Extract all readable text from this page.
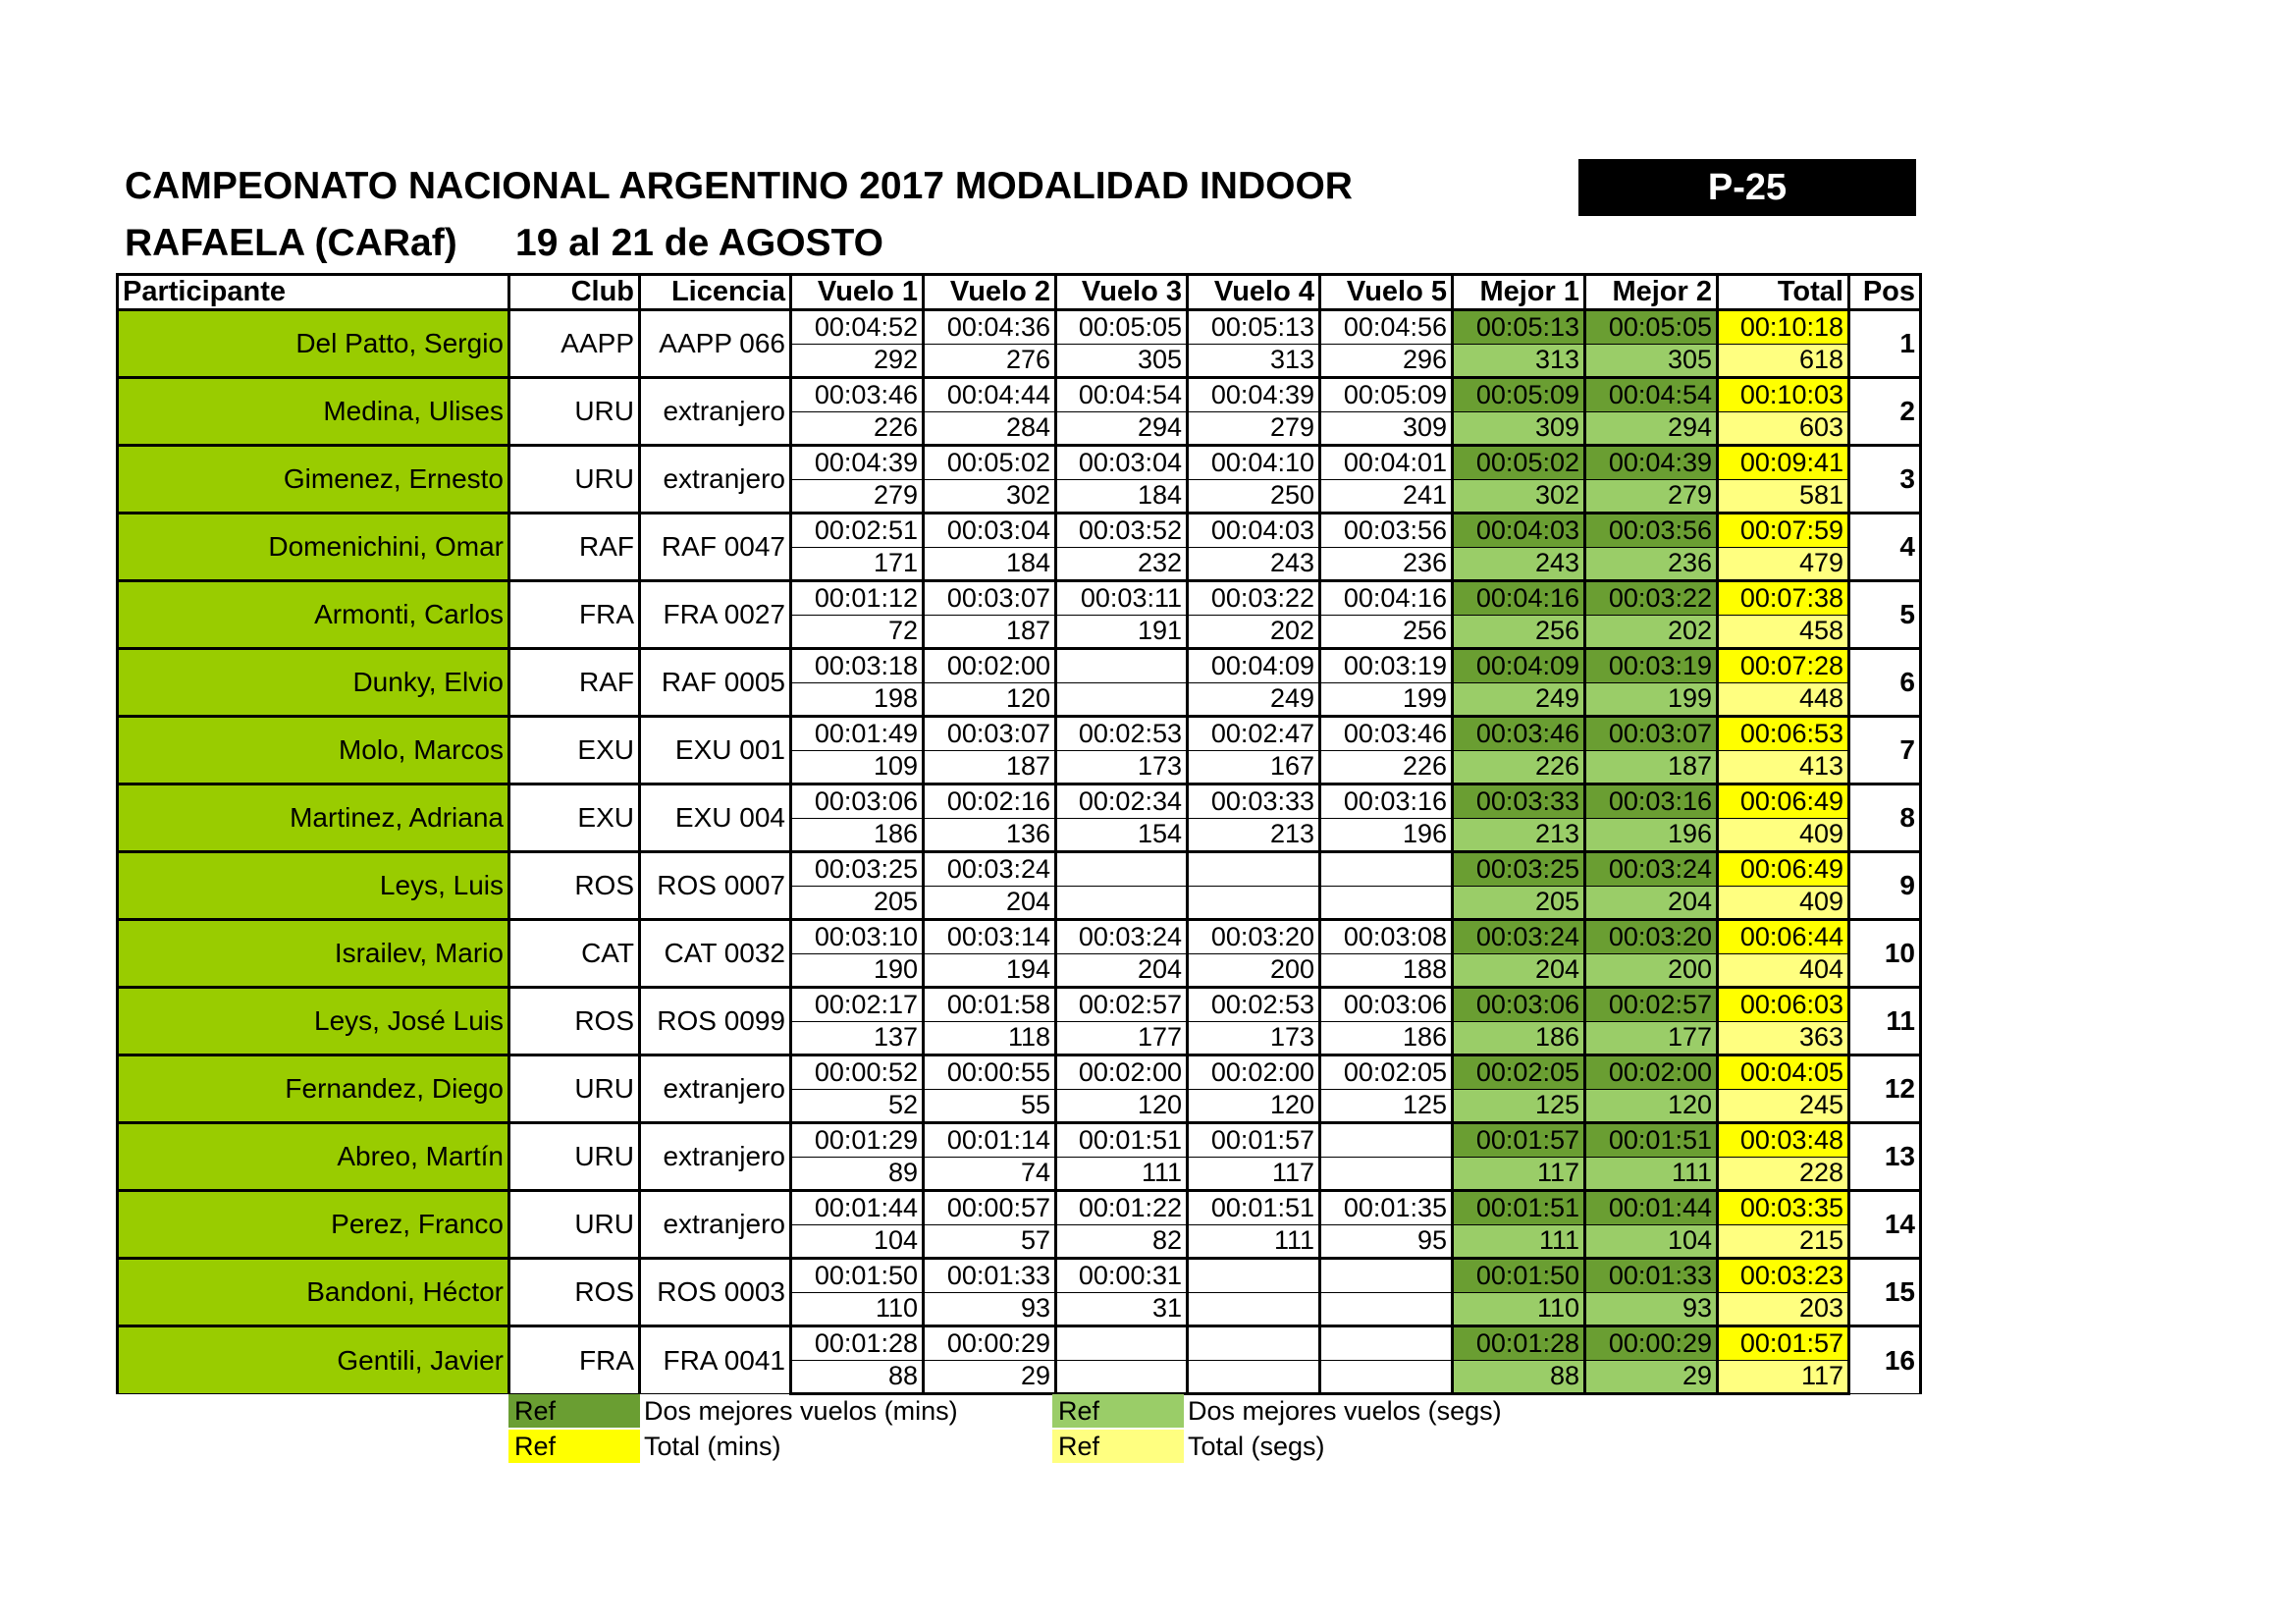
CAMPEONATO NACIONAL ARGENTINO 2017 MODALIDAD INDOOR
RAFAELA (CARaf) 19 al 21 de AGOSTO
P-25
Participante	Club	Licencia	Vuelo 1	Vuelo 2	Vuelo 3	Vuelo 4	Vuelo 5	Mejor 1	Mejor 2	Total	Pos
Del Patto, Sergio	AAPP	AAPP 066	00:04:52	00:04:36	00:05:05	00:05:13	00:04:56	00:05:13	00:05:05	00:10:18	1
			292	276	305	313	296	313	305	618	
Medina, Ulises	URU	extranjero	00:03:46	00:04:44	00:04:54	00:04:39	00:05:09	00:05:09	00:04:54	00:10:03	2
			226	284	294	279	309	309	294	603	
Gimenez, Ernesto	URU	extranjero	00:04:39	00:05:02	00:03:04	00:04:10	00:04:01	00:05:02	00:04:39	00:09:41	3
			279	302	184	250	241	302	279	581	
Domenichini, Omar	RAF	RAF 0047	00:02:51	00:03:04	00:03:52	00:04:03	00:03:56	00:04:03	00:03:56	00:07:59	4
			171	184	232	243	236	243	236	479	
Armonti, Carlos	FRA	FRA 0027	00:01:12	00:03:07	00:03:11	00:03:22	00:04:16	00:04:16	00:03:22	00:07:38	5
			72	187	191	202	256	256	202	458	
Dunky, Elvio	RAF	RAF 0005	00:03:18	00:02:00		00:04:09	00:03:19	00:04:09	00:03:19	00:07:28	6
			198	120		249	199	249	199	448	
Molo, Marcos	EXU	EXU 001	00:01:49	00:03:07	00:02:53	00:02:47	00:03:46	00:03:46	00:03:07	00:06:53	7
			109	187	173	167	226	226	187	413	
Martinez, Adriana	EXU	EXU 004	00:03:06	00:02:16	00:02:34	00:03:33	00:03:16	00:03:33	00:03:16	00:06:49	8
			186	136	154	213	196	213	196	409	
Leys, Luis	ROS	ROS 0007	00:03:25	00:03:24				00:03:25	00:03:24	00:06:49	9
			205	204				205	204	409	
Israilev, Mario	CAT	CAT 0032	00:03:10	00:03:14	00:03:24	00:03:20	00:03:08	00:03:24	00:03:20	00:06:44	10
			190	194	204	200	188	204	200	404	
Leys, José Luis	ROS	ROS 0099	00:02:17	00:01:58	00:02:57	00:02:53	00:03:06	00:03:06	00:02:57	00:06:03	11
			137	118	177	173	186	186	177	363	
Fernandez, Diego	URU	extranjero	00:00:52	00:00:55	00:02:00	00:02:00	00:02:05	00:02:05	00:02:00	00:04:05	12
			52	55	120	120	125	125	120	245	
Abreo, Martín	URU	extranjero	00:01:29	00:01:14	00:01:51	00:01:57		00:01:57	00:01:51	00:03:48	13
			89	74	111	117		117	111	228	
Perez, Franco	URU	extranjero	00:01:44	00:00:57	00:01:22	00:01:51	00:01:35	00:01:51	00:01:44	00:03:35	14
			104	57	82	111	95	111	104	215	
Bandoni, Héctor	ROS	ROS 0003	00:01:50	00:01:33	00:00:31			00:01:50	00:01:33	00:03:23	15
			110	93	31			110	93	203	
Gentili, Javier	FRA	FRA 0041	00:01:28	00:00:29				00:01:28	00:00:29	00:01:57	16
			88	29				88	29	117	
Ref	Dos mejores vuelos (mins)
Ref	Total (mins)
Ref	Dos mejores vuelos (segs)
Ref	Total (segs)
